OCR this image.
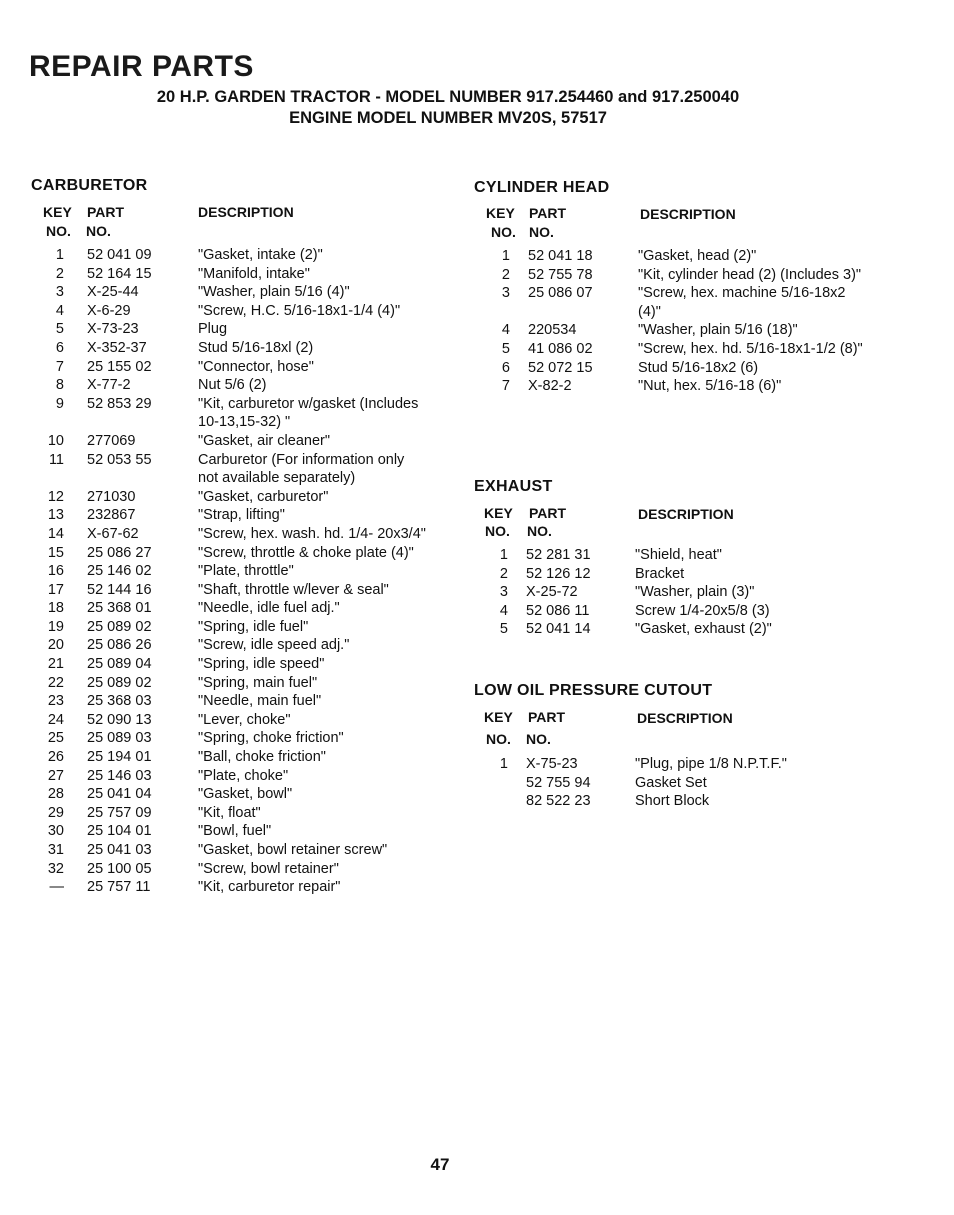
REPAIR PARTS
20 H.P. GARDEN TRACTOR - MODEL NUMBER 917.254460 and 917.250040
ENGINE MODEL NUMBER MV20S, 57517
CARBURETOR
KEY PART	DESCRIPTION
NO. NO.
1 52 041 09	"Gasket, intake (2)"
2 52 164 15	"Manifold, intake"
3 X-25-44	"Washer, plain 5/16 (4)"
4 X-6-29	"Screw, H.C. 5/16-18x1-1/4 (4)"
5 X-73-23	Plug
6 X-352-37	Stud 5/16-18xl (2)
7 25 155 02	"Connector, hose"
8 X-77-2	Nut 5/6 (2)
9 52 853 29	"Kit, carburetor w/gasket (Includes 10-13,15-32) "
10 277069	"Gasket, air cleaner"
11 52 053 55	Carburetor (For information only not available separately)
12 271030	"Gasket, carburetor"
13 232867	"Strap, lifting"
14 X-67-62	"Screw, hex. wash. hd. 1/4- 20x3/4"
15 25 086 27	"Screw, throttle & choke plate (4)"
16 25 146 02	"Plate, throttle"
17 52 144 16	"Shaft, throttle w/lever & seal"
18 25 368 01	"Needle, idle fuel adj."
19 25 089 02	"Spring, idle fuel"
20 25 086 26	"Screw, idle speed adj."
21 25 089 04	"Spring, idle speed"
22 25 089 02	"Spring, main fuel"
23 25 368 03	"Needle, main fuel"
24 52 090 13	"Lever, choke"
25 25 089 03	"Spring, choke friction"
26 25 194 01	"Ball, choke friction"
27 25 146 03	"Plate, choke"
28 25 041 04	"Gasket, bowl"
29 25 757 09	"Kit, float"
30 25 104 01	"Bowl, fuel"
31 25 041 03	"Gasket, bowl retainer screw"
32 25 100 05	"Screw, bowl retainer"
— 25 757 11	"Kit, carburetor repair"
CYLINDER HEAD
KEY PART	DESCRIPTION
NO. NO.
1 52 041 18	"Gasket, head (2)"
2 52 755 78	"Kit, cylinder head (2) (Includes 3)"
3 25 086 07	"Screw, hex. machine 5/16-18x2 (4)"
4 220534	"Washer, plain 5/16 (18)"
5 41 086 02	"Screw, hex. hd. 5/16-18x1-1/2 (8)"
6 52 072 15	Stud 5/16-18x2 (6)
7 X-82-2	"Nut, hex. 5/16-18 (6)"
EXHAUST
KEY PART	DESCRIPTION
NO. NO.
1 52 281 31	"Shield, heat"
2 52 126 12	Bracket
3 X-25-72	"Washer, plain (3)"
4 52 086 11	Screw 1/4-20x5/8 (3)
5 52 041 14	"Gasket, exhaust (2)"
LOW OIL PRESSURE CUTOUT
KEY PART	DESCRIPTION
NO. NO.
1 X-75-23	"Plug, pipe 1/8 N.P.T.F."
52 755 94	Gasket Set
82 522 23	Short Block
47
